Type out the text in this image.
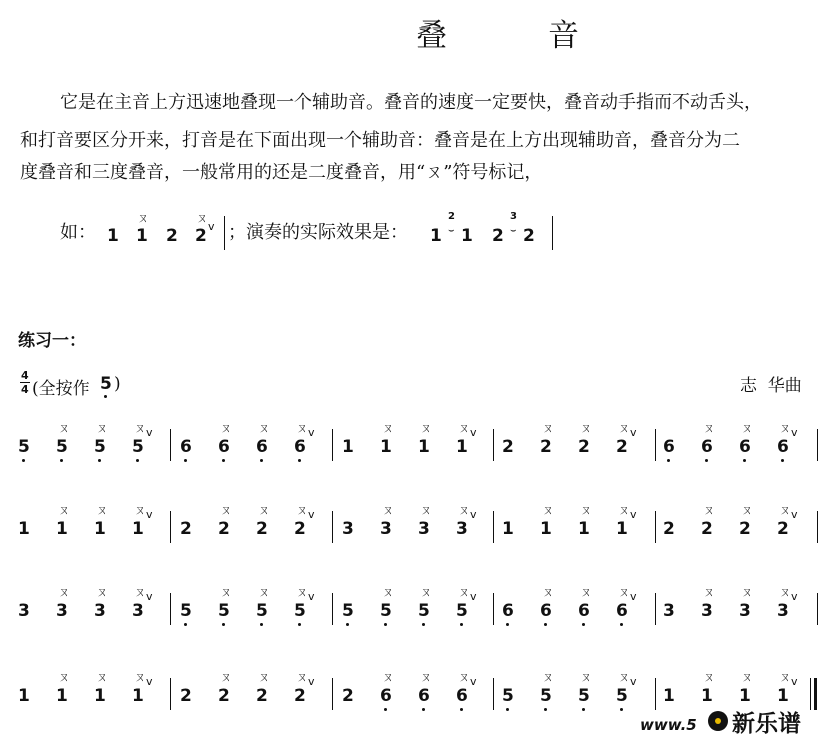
叠	音
它是在主音上方迅速地叠现一个辅助音。叠音的速度一定要快，叠音动手指而不动舌头，
和打音要区分开来，打音是在下面出现一个辅助音：叠音是在上方出现辅助音，叠音分为二
度叠音和三度叠音，一般常用的还是二度叠音，用“ㄡ”符号标记，
如： 1
ㄡ
1 2
ㄡ
2 v ；演奏的实际效果是： 1
2
⌣ 1 2
3
⌣ 2
练习一：
4
4 (全按作 5 )	志  华曲
5 5
ㄡ
5
ㄡ
5
ㄡ v
6 6
ㄡ
6
ㄡ
6
ㄡ v
1 1
ㄡ
1
ㄡ
1
ㄡ v
2 2
ㄡ
2
ㄡ
2
ㄡ v
6 6
ㄡ
6
ㄡ
6
ㄡ v
1 1
ㄡ
1
ㄡ
1
ㄡ v
2 2
ㄡ
2
ㄡ
2
ㄡ v
3 3
ㄡ
3
ㄡ
3
ㄡ v
1 1
ㄡ
1
ㄡ
1
ㄡ v
2 2
ㄡ
2
ㄡ
2
ㄡ v
3 3
ㄡ
3
ㄡ
3
ㄡ v
5 5
ㄡ
5
ㄡ
5
ㄡ v
5 5
ㄡ
5
ㄡ
5
ㄡ v
6 6
ㄡ
6
ㄡ
6
ㄡ v
3 3
ㄡ
3
ㄡ
3
ㄡ v
1 1
ㄡ
1
ㄡ
1
ㄡ v
2 2
ㄡ
2
ㄡ
2
ㄡ v
2 6
ㄡ
6
ㄡ
6
ㄡ v
5 5
ㄡ
5
ㄡ
5
ㄡ v
1 1
ㄡ
1
ㄡ
1
ㄡ v
www.5 新乐谱
